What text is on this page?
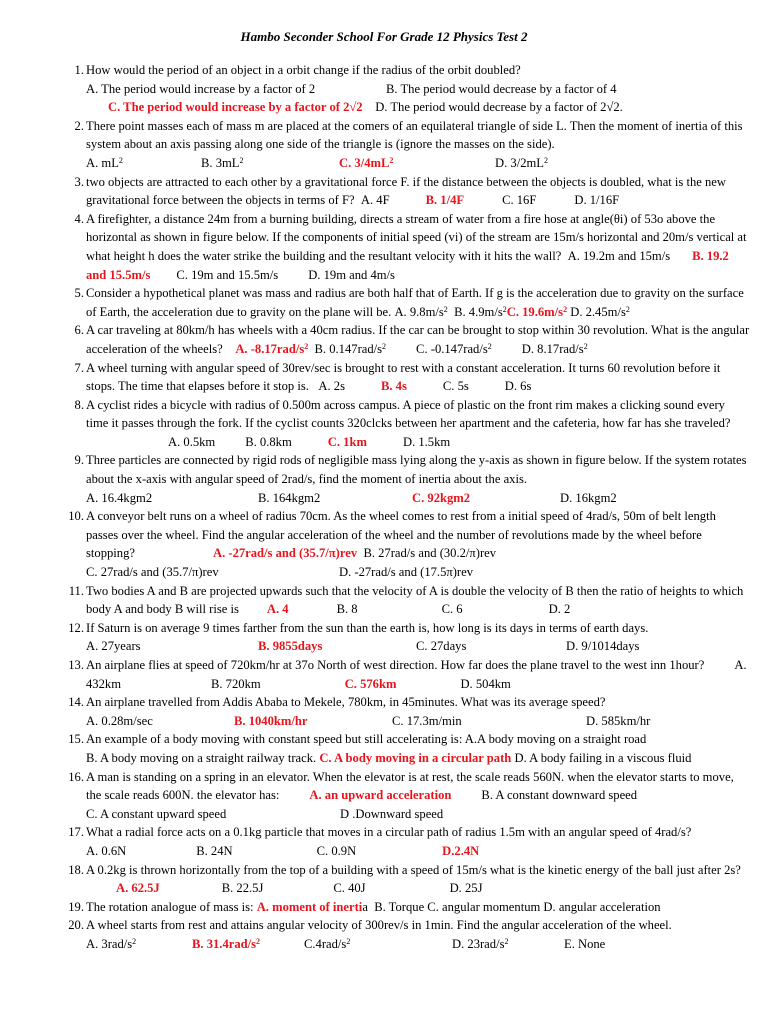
Hambo Seconder School For Grade 12 Physics Test 2
1. How would the period of an object in a orbit change if the radius of the orbit doubled?
A. The period would increase by a factor of 2	B. The period would decrease by a factor of 4
C. The period would increase by a factor of 2√2 D. The period would decrease by a factor of 2√2.
2. There point masses each of mass m are placed at the comers of an equilateral triangle of side L. Then the moment of inertia of this system about an axis passing along one side of the triangle is (ignore the masses on the side).
A. $mL^2$	B. $3mL^2$	C. $3/4mL^2$	D. $3/2mL^2$
3. two objects are attracted to each other by a gravitational force F. if the distance between the objects is doubled, what is the new gravitational force between the objects in terms of F? A. 4F	B. 1/4F	C. 16F	D. 1/16F
4. A firefighter, a distance 24m from a burning building, directs a stream of water from a fire hose at angle(θi) of 53o above the horizontal as shown in figure below. If the components of initial speed (vi) of the stream are 15m/s horizontal and 20m/s vertical at what height h does the water strike the building and the resultant velocity with it hits the wall? A. 19.2m and 15m/s B. 19.2 and 15.5m/s C. 19m and 15.5m/s D. 19m and 4m/s
5. Consider a hypothetical planet was mass and radius are both half that of Earth. If g is the acceleration due to gravity on the surface of Earth, the acceleration due to gravity on the plane will be. A. $9.8m/s^2$ B. $4.9m/s^2C$. $19.6m/s^2$ D. $2.45m/s^2$
6. A car traveling at 80km/h has wheels with a 40cm radius. If the car can be brought to stop within 30 revolution. What is the angular acceleration of the wheels? A. $-8.17rad/s^2$ B. $0.147rad/s^2$ C. $-0.147rad/s^2$ D. $8.17rad/s^2$
7. A wheel turning with angular speed of 30rev/sec is brought to rest with a constant acceleration. It turns 60 revolution before it stops. The time that elapses before it stop is. A. 2s	B. 4s	C. 5s	D. 6s
8. A cyclist rides a bicycle with radius of 0.500m across campus. A piece of plastic on the front rim makes a clicking sound every time it passes through the fork. If the cyclist counts 320clcks between her apartment and the cafeteria, how far has she traveled?A. 0.5km B. 0.8km	C. 1km	D. 1.5km
9. Three particles are connected by rigid rods of negligible mass lying along the y-axis as shown in figure below. If the system rotates about the x-axis with angular speed of 2rad/s, find the moment of inertia about the axis.
A. 16.4kgm2	B. 164kgm2	C. 92kgm2	D. 16kgm2
10. A conveyor belt runs on a wheel of radius 70cm. As the wheel comes to rest from a initial speed of 4rad/s, 50m of belt length passes over the wheel. Find the angular acceleration of the wheel and the number of revolutions made by the wheel before stopping?	A. -27rad/s and (35.7/π)rev B. 27rad/s and (30.2/π)rev
C. 27rad/s and (35.7/π)rev	D. -27rad/s and (17.5π)rev
11. Two bodies A and B are projected upwards such that the velocity of A is double the velocity of B then the ratio of heights to which body A and body B will rise is A. 4	B. 8	C. 6	D. 2
12. If Saturn is on average 9 times farther from the sun than the earth is, how long is its days in terms of earth days.
A. 27years	B. 9855days	C. 27days	D. 9/1014days
13. An airplane flies at speed of 720km/hr at 37o North of west direction. How far does the plane travel to the west inn 1hour? A. 432km	B. 720km	C. 576km	D. 504km
14. An airplane travelled from Addis Ababa to Mekele, 780km, in 45minutes. What was its average speed?
A. 0.28m/sec	B. 1040km/hr	C. 17.3m/min	D. 585km/hr
15. An example of a body moving with constant speed but still accelerating is: A.A body moving on a straight road
B. A body moving on a straight railway track. C. A body moving in a circular path D. A body failing in a viscous fluid
16. A man is standing on a spring in an elevator. When the elevator is at rest, the scale reads 560N. when the elevator starts to move, the scale reads 600N. the elevator has: A. an upward acceleration B. A constant downward speed
C. A constant upward speed	D .Downward speed
17. What a radial force acts on a 0.1kg particle that moves in a circular path of radius 1.5m with an angular speed of 4rad/s?A. 0.6N	B. 24N	C. 0.9N	D.2.4N
18. A 0.2kg is thrown horizontally from the top of a building with a speed of 15m/s what is the kinetic energy of the ball just after 2s?A. 62.5J	B. 22.5J	C. 40J	D. 25J
19. The rotation analogue of mass is: A. moment of inertia B. Torque C. angular momentum D. angular acceleration
20. A wheel starts from rest and attains angular velocity of 300rev/s in 1min. Find the angular acceleration of the wheel.
A. $3rad/s^2$	B. $31.4rad/s^2$	$C.4rad/s^2$	D. $23rad/s^2$	E. None
